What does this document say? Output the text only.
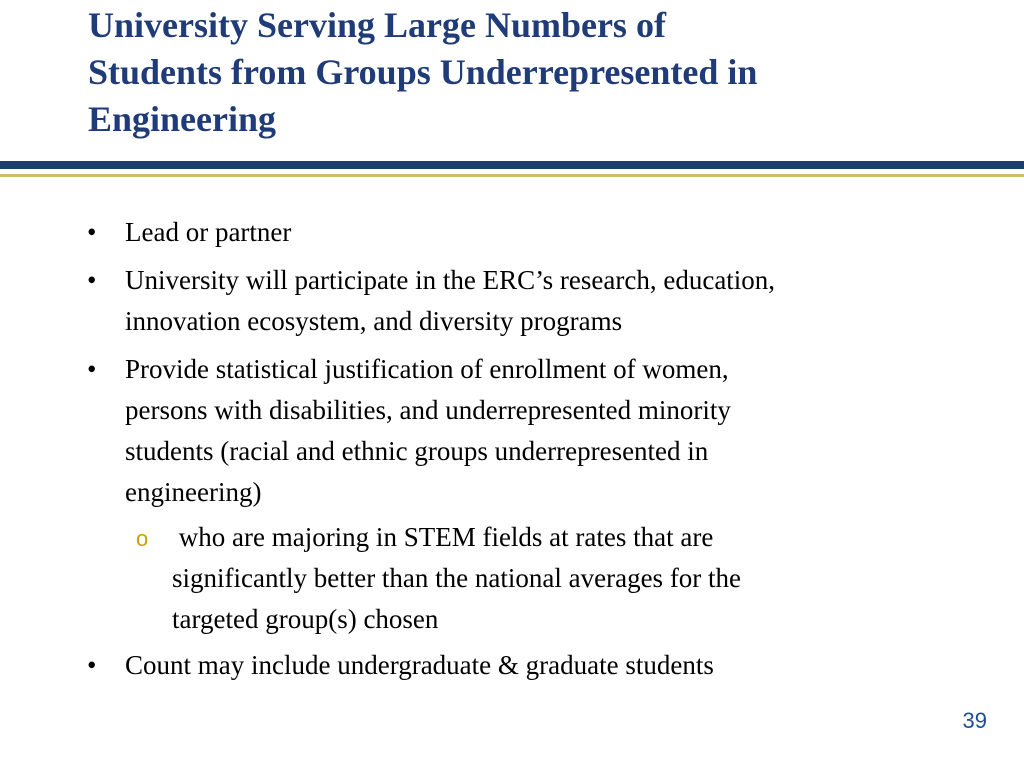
University Serving Large Numbers of
Students from Groups Underrepresented in
Engineering
• Lead or partner
• University will participate in the ERC’s research, education,
innovation ecosystem, and diversity programs
• Provide statistical justification of enrollment of women,
persons with disabilities, and underrepresented minority
students (racial and ethnic groups underrepresented in
engineering)
o who are majoring in STEM fields at rates that are
significantly better than the national averages for the
targeted group(s) chosen
• Count may include undergraduate & graduate students
39
